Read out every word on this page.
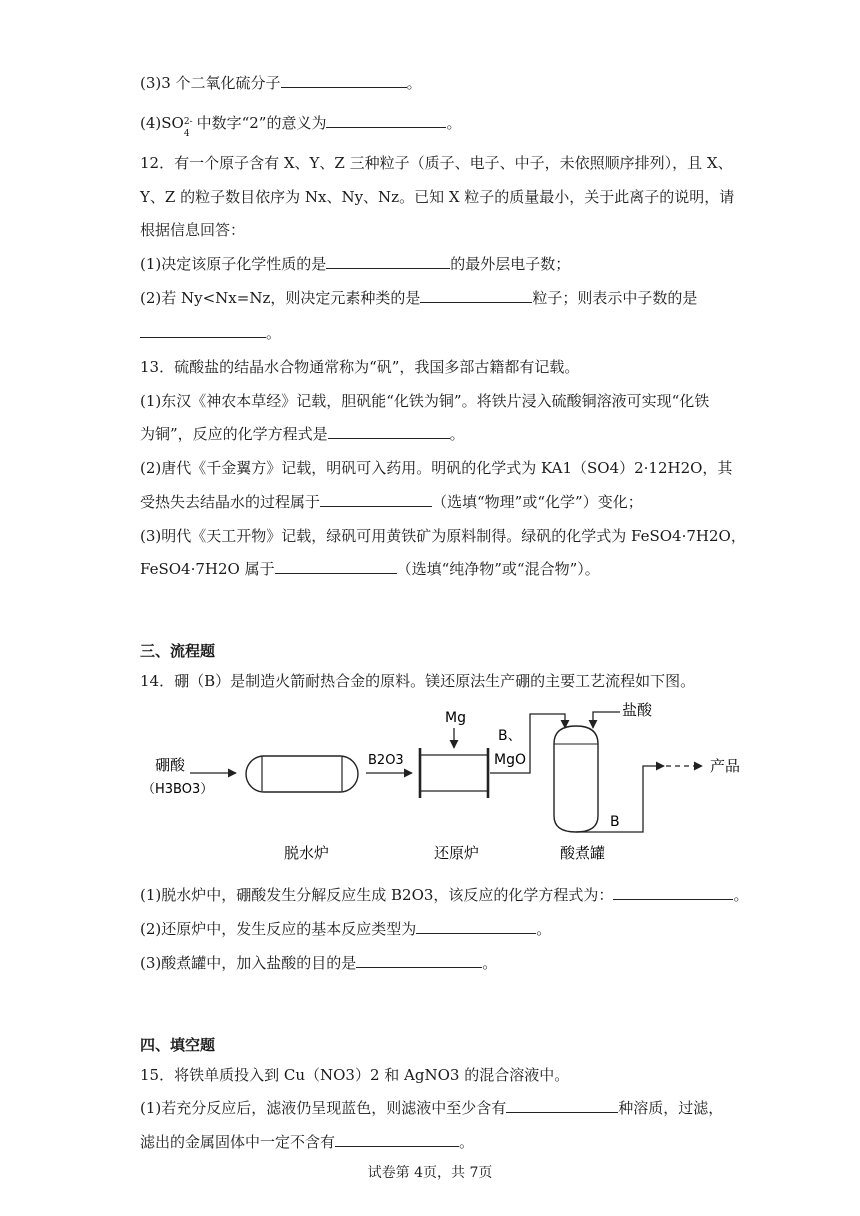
(3)3 个二氧化硫分子	。
(4)SO 2-
4
中数字“2”的意义为	。
12．有一个原子含有 X、Y、Z 三种粒子（质子、电子、中子，未依照顺序排列），且 X、
Y、Z 的粒子数目依序为 Nx、Ny、Nz。已知 X 粒子的质量最小，关于此离子的说明，请
根据信息回答：
(1)决定该原子化学性质的是	的最外层电子数；
(2)若 Ny<Nx=Nz，则决定元素种类的是	粒子；则表示中子数的是
。
13．硫酸盐的结晶水合物通常称为“矾”，我国多部古籍都有记载。
(1)东汉《神农本草经》记载，胆矾能“化铁为铜”。将铁片浸入硫酸铜溶液可实现“化铁
为铜”，反应的化学方程式是	。
(2)唐代《千金翼方》记载，明矾可入药用。明矾的化学式为 KA1（SO4）2·12H2O，其
受热失去结晶水的过程属于	（选填“物理”或“化学”）变化；
(3)明代《天工开物》记载，绿矾可用黄铁矿为原料制得。绿矾的化学式为 FeSO4·7H2O，
FeSO4·7H2O 属于	（选填“纯净物”或“混合物”）。
三、流程题
14．硼（B）是制造火箭耐热合金的原料。镁还原法生产硼的主要工艺流程如下图。
硼酸
（H3BO3）
B2O3
Mg
B、
MgO
盐酸
B
产品
脱水炉	还原炉	酸煮罐
(1)脱水炉中，硼酸发生分解反应生成 B2O3，该反应的化学方程式为：	。
(2)还原炉中，发生反应的基本反应类型为	。
(3)酸煮罐中，加入盐酸的目的是	。
四、填空题
15．将铁单质投入到 Cu（NO3）2 和 AgNO3 的混合溶液中。
(1)若充分反应后，滤液仍呈现蓝色，则滤液中至少含有	种溶质，过滤，
滤出的金属固体中一定不含有	。
试卷第 4页，共 7页
